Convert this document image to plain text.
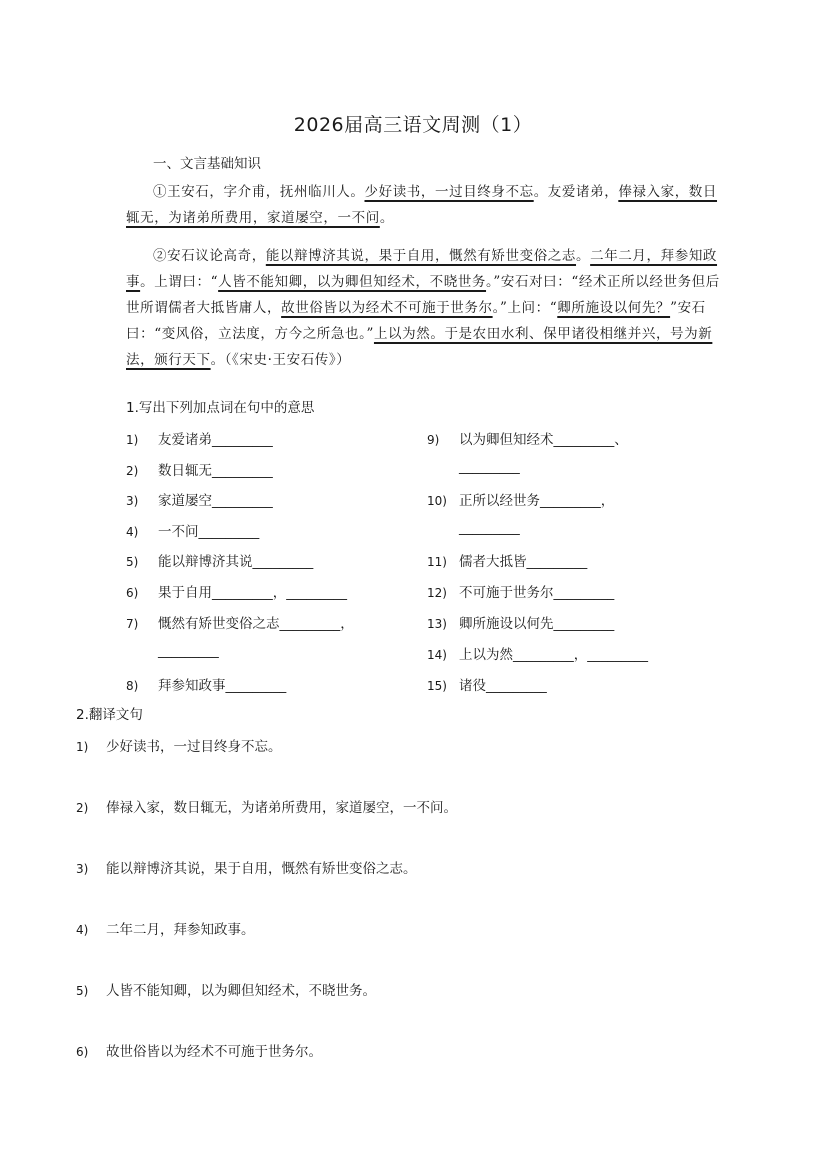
2026届高三语文周测（1）
一、文言基础知识
①王安石，字介甫，抚州临川人。少好读书，一过目终身不忘。友爱诸弟，俸禄入家，数日辄无，为诸弟所费用，家道屡空，一不问。
②安石议论高奇，能以辩博济其说，果于自用，慨然有矫世变俗之志。二年二月，拜参知政事。上谓曰：“人皆不能知卿，以为卿但知经术，不晓世务。”安石对曰：“经术正所以经世务但后世所谓儒者大抵皆庸人，故世俗皆以为经术不可施于世务尔。”上问：“卿所施设以何先？”安石曰：“变风俗，立法度，方今之所急也。”上以为然。于是农田水利、保甲诸役相继并兴，号为新法，颁行天下。（《宋史·王安石传》）
1.写出下列加点词在句中的意思
1) 友爱诸弟_________
2) 数日辄无_________
3) 家道屡空_________
4) 一不问_________
5) 能以辩博济其说_________
6) 果于自用_________，_________
7) 慨然有矫世变俗之志_________，
_________
8) 拜参知政事_________
9) 以为卿但知经术_________、
_________
10) 正所以经世务_________，
_________
11) 儒者大抵皆_________
12) 不可施于世务尔_________
13) 卿所施设以何先_________
14) 上以为然_________，_________
15) 诸役_________
2.翻译文句
1) 少好读书，一过目终身不忘。
2) 俸禄入家，数日辄无，为诸弟所费用，家道屡空，一不问。
3) 能以辩博济其说，果于自用，慨然有矫世变俗之志。
4) 二年二月，拜参知政事。
5) 人皆不能知卿，以为卿但知经术，不晓世务。
6) 故世俗皆以为经术不可施于世务尔。
